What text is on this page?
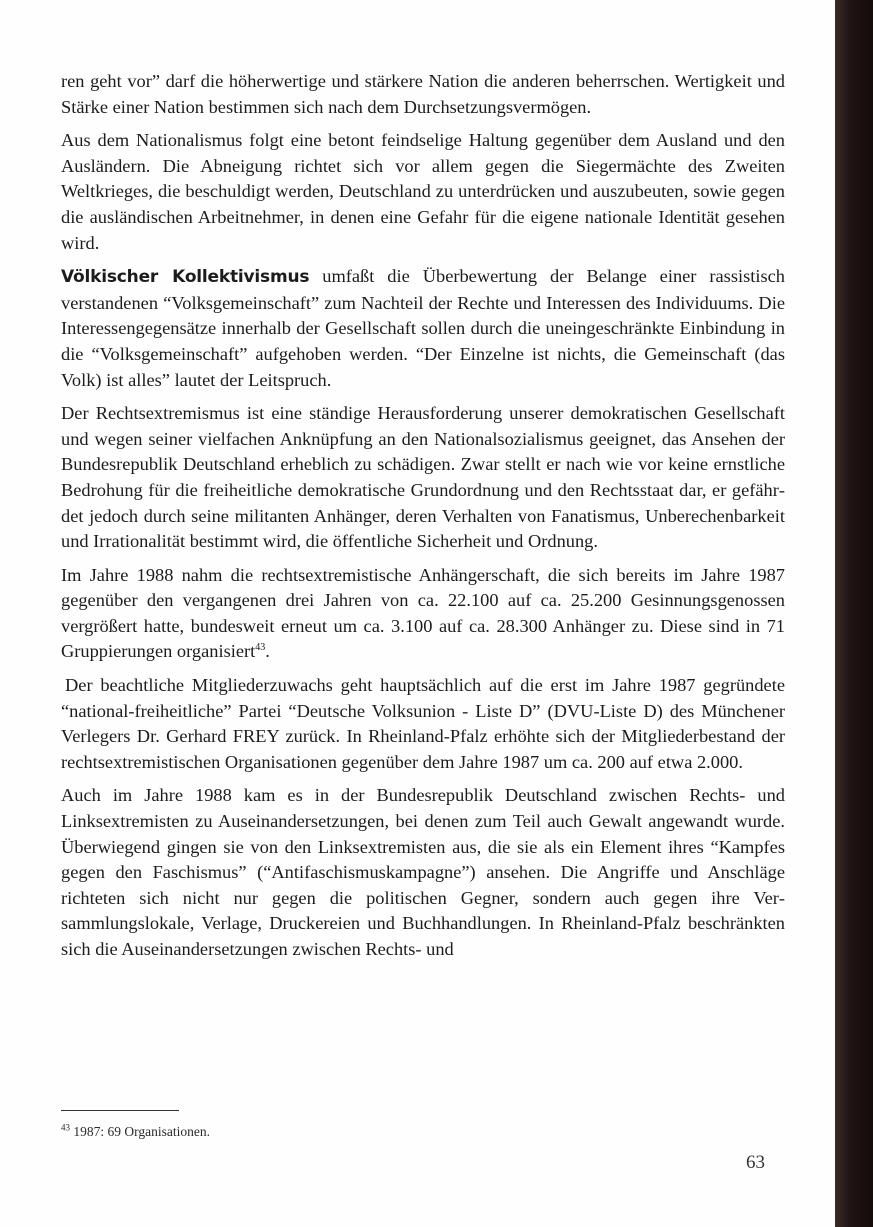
ren geht vor” darf die höherwertige und stärkere Nation die anderen beherrschen. Wertigkeit und Stärke einer Nation bestimmen sich nach dem Durchsetzungsvermögen.

Aus dem Nationalismus folgt eine betont feindselige Haltung gegenüber dem Ausland und den Ausländern. Die Abneigung richtet sich vor allem gegen die Siegermächte des Zweiten Weltkrieges, die beschuldigt werden, Deutschland zu unterdrücken und auszubeuten, sowie gegen die ausländischen Arbeitnehmer, in denen eine Gefahr für die eigene nationale Identität gesehen wird.

Völkischer Kollektivismus umfaßt die Überbewertung der Belange einer rassistisch verstandenen “Volksgemeinschaft” zum Nachteil der Rechte und Interessen des Individuums. Die Interessengegensätze innerhalb der Gesellschaft sollen durch die uneingeschränkte Einbindung in die “Volksgemeinschaft” aufgehoben werden. “Der Einzelne ist nichts, die Gemeinschaft (das Volk) ist alles” lautet der Leitspruch.

Der Rechtsextremismus ist eine ständige Herausforderung unserer demokratischen Gesellschaft und wegen seiner vielfachen Anknüpfung an den Nationalsozialismus geeignet, das Ansehen der Bundesrepublik Deutschland erheblich zu schädigen. Zwar stellt er nach wie vor keine ernstliche Bedrohung für die freiheitliche demokratische Grundordnung und den Rechtsstaat dar, er gefährdet jedoch durch seine militanten Anhänger, deren Verhalten von Fanatismus, Unberechenbarkeit und Irrationalität bestimmt wird, die öffentliche Sicherheit und Ordnung.

Im Jahre 1988 nahm die rechtsextremistische Anhängerschaft, die sich bereits im Jahre 1987 gegenüber den vergangenen drei Jahren von ca. 22.100 auf ca. 25.200 Gesinnungsgenossen vergrößert hatte, bundesweit erneut um ca. 3.100 auf ca. 28.300 Anhänger zu. Diese sind in 71 Gruppierungen organisiert$^{43}$.

Der beachtliche Mitgliederzuwachs geht hauptsächlich auf die erst im Jahre 1987 gegründete “national-freiheitliche” Partei “Deutsche Volksunion - Liste D” (DVU-Liste D) des Münchener Verlegers Dr. Gerhard FREY zurück. In Rheinland-Pfalz erhöhte sich der Mitgliederbestand der rechtsextremistischen Organisationen gegenüber dem Jahre 1987 um ca. 200 auf etwa 2.000.

Auch im Jahre 1988 kam es in der Bundesrepublik Deutschland zwischen Rechts- und Linksextremisten zu Auseinandersetzungen, bei denen zum Teil auch Gewalt angewandt wurde. Überwiegend gingen sie von den Linksextremisten aus, die sie als ein Element ihres “Kampfes gegen den Faschismus” (“Antifaschismuskampagne”) ansehen. Die Angriffe und Anschläge richteten sich nicht nur gegen die politischen Gegner, sondern auch gegen ihre Versammlungslokale, Verlage, Druckereien und Buchhandlungen. In Rheinland-Pfalz beschränkten sich die Auseinandersetzungen zwischen Rechts- und

$^{43}$ 1987: 69 Organisationen.
63
